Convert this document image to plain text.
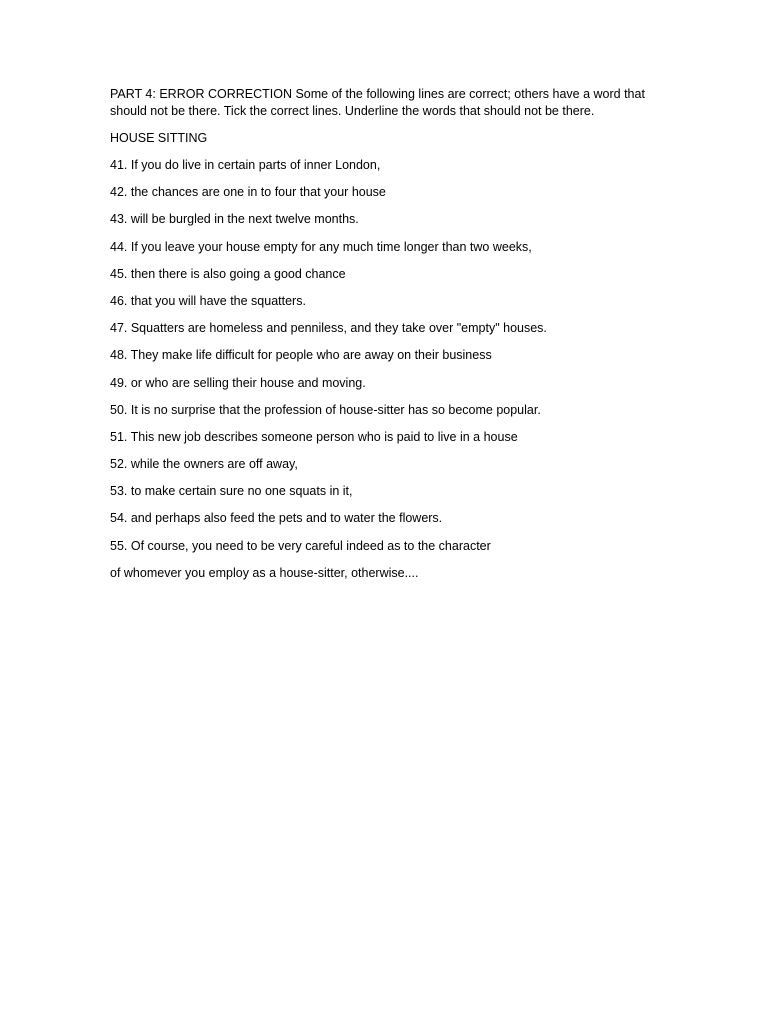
PART 4: ERROR CORRECTION Some of the following lines are correct; others have a word that should not be there. Tick the correct lines. Underline the words that should not be there.

HOUSE SITTING

41. If you do live in certain parts of inner London,

42. the chances are one in to four that your house

43. will be burgled in the next twelve months.

44. If you leave your house empty for any much time longer than two weeks,

45. then there is also going a good chance

46. that you will have the squatters.

47. Squatters are homeless and penniless, and they take over "empty" houses.

48. They make life difficult for people who are away on their business

49. or who are selling their house and moving.

50. It is no surprise that the profession of house-sitter has so become popular.

51. This new job describes someone person who is paid to live in a house

52. while the owners are off away,

53. to make certain sure no one squats in it,

54. and perhaps also feed the pets and to water the flowers.

55. Of course, you need to be very careful indeed as to the character

of whomever you employ as a house-sitter, otherwise....
